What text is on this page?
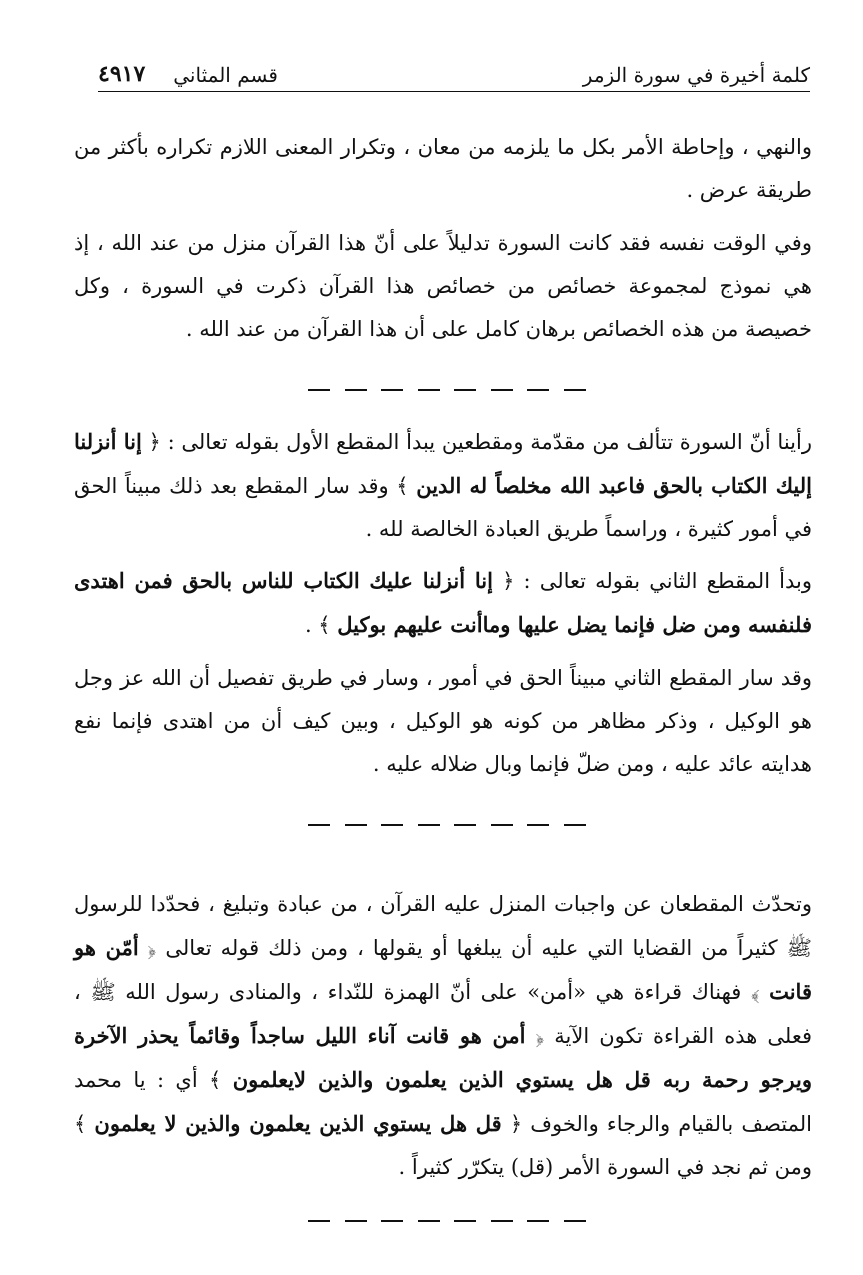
كلمة أخيرة في سورة الزمر
قسم المثاني
٤٩١٧

والنهي ، وإحاطة الأمر بكل ما يلزمه من معان ، وتكرار المعنى اللازم تكراره بأكثر من طريقة عرض .

وفي الوقت نفسه فقد كانت السورة تدليلاً على أنّ هذا القرآن منزل من عند الله ، إذ هي نموذج لمجموعة خصائص من خصائص هذا القرآن ذكرت في السورة ، وكل خصيصة من هذه الخصائص برهان كامل على أن هذا القرآن من عند الله .

رأينا أنّ السورة تتألف من مقدّمة ومقطعين يبدأ المقطع الأول بقوله تعالى : ﴿ إنا أنزلنا إليك الكتاب بالحق فاعبد الله مخلصاً له الدين ﴾ وقد سار المقطع بعد ذلك مبيناً الحق في أمور كثيرة ، وراسماً طريق العبادة الخالصة لله .

وبدأ المقطع الثاني بقوله تعالى : ﴿ إنا أنزلنا عليك الكتاب للناس بالحق فمن اهتدى فلنفسه ومن ضل فإنما يضل عليها وماأنت عليهم بوكيل ﴾ .

وقد سار المقطع الثاني مبيناً الحق في أمور ، وسار في طريق تفصيل أن الله عز وجل هو الوكيل ، وذكر مظاهر من كونه هو الوكيل ، وبين كيف أن من اهتدى فإنما نفع هدايته عائد عليه ، ومن ضلّ فإنما وبال ضلاله عليه .

وتحدّث المقطعان عن واجبات المنزل عليه القرآن ، من عبادة وتبليغ ، فحدّدا للرسول ﷺ كثيراً من القضايا التي عليه أن يبلغها أو يقولها ، ومن ذلك قوله تعالى ﴿ أمّن هو قانت ﴾ فهناك قراءة هي «أمن» على أنّ الهمزة للنّداء ، والمنادى رسول الله ﷺ ، فعلى هذه القراءة تكون الآية ﴿ أمن هو قانت آناء الليل ساجداً وقائماً يحذر الآخرة ويرجو رحمة ربه قل هل يستوي الذين يعلمون والذين لايعلمون ﴾ أي : يا محمد المتصف بالقيام والرجاء والخوف ﴿ قل هل يستوي الذين يعلمون والذين لا يعلمون ﴾ ومن ثم نجد في السورة الأمر (قل) يتكرّر كثيراً .
